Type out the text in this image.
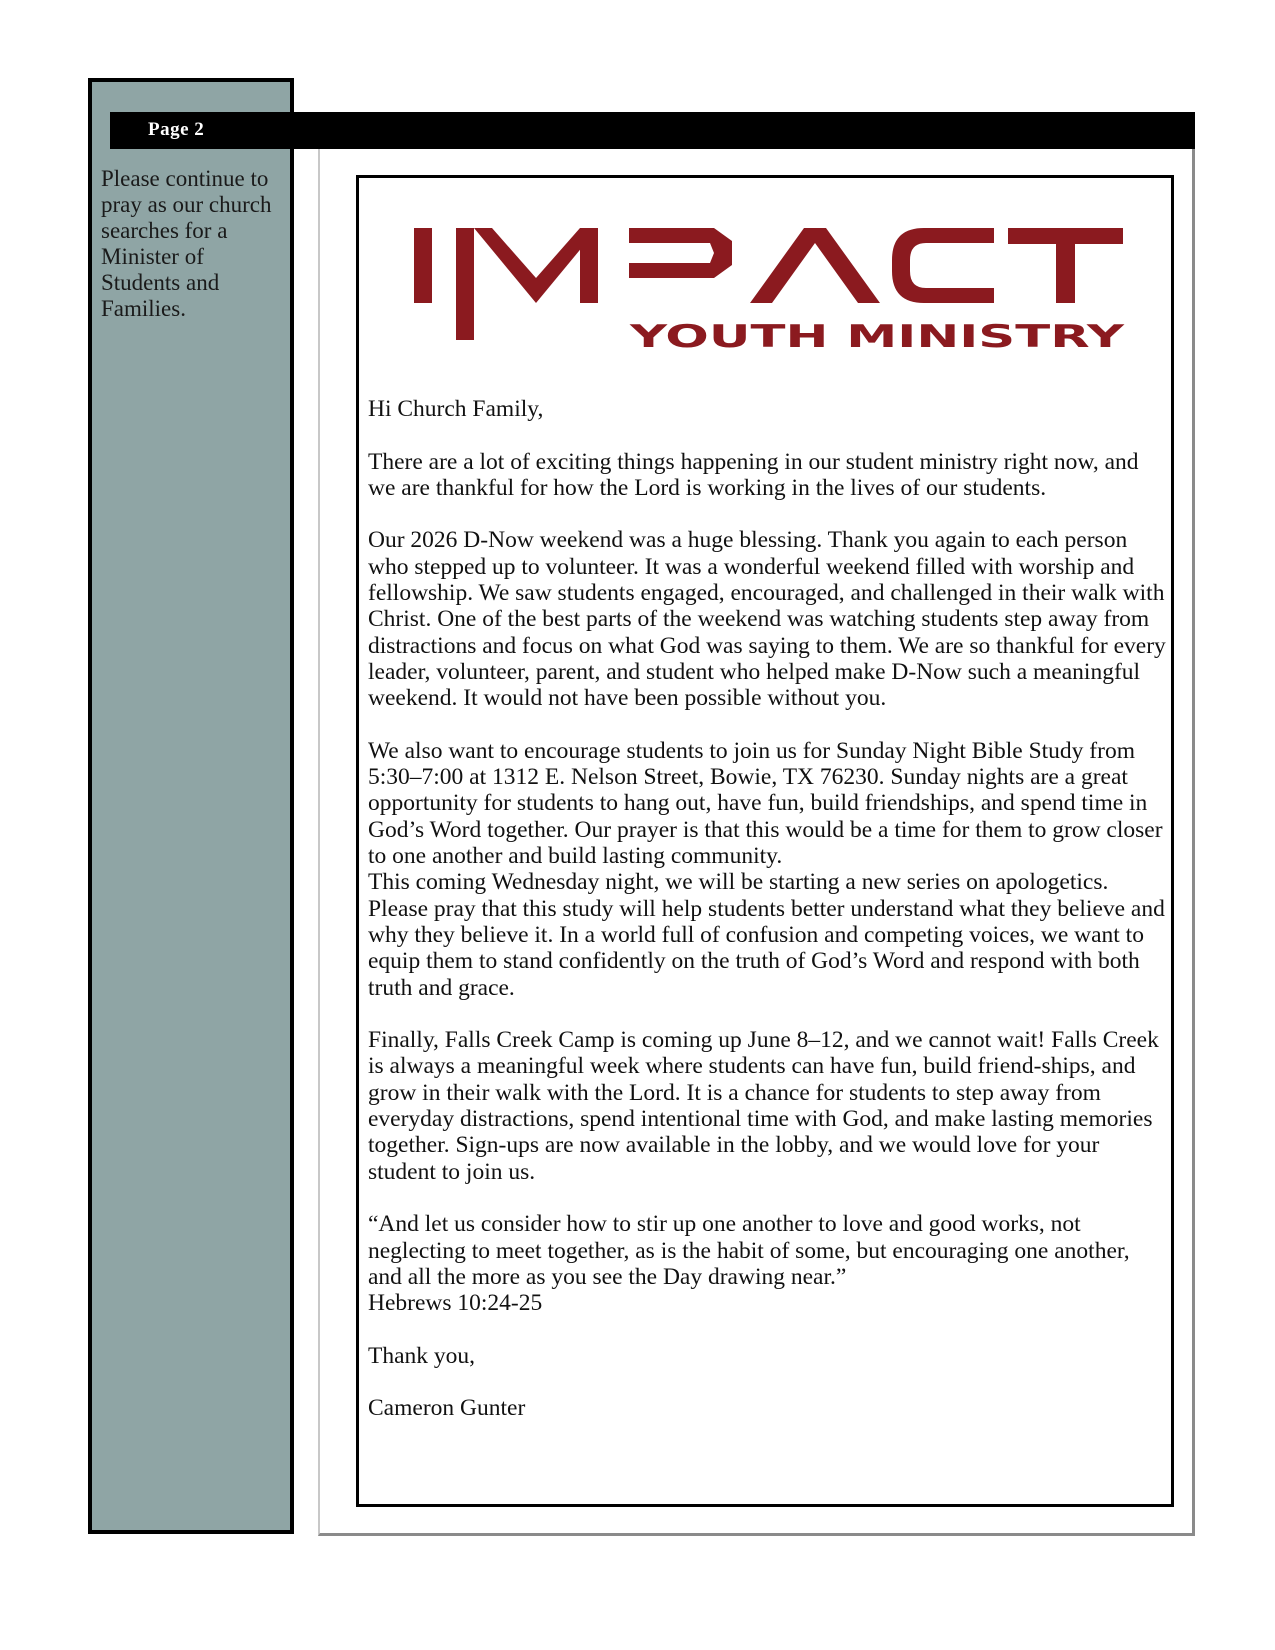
Please continue to
pray as our church
searches for a
Minister of
Students and
Families.

Page 2
YOUTH MINISTRY

Hi Church Family,

There are a lot of exciting things happening in our student ministry right now, and we are thankful for how the Lord is working in the lives of our students.

Our 2026 D-Now weekend was a huge blessing. Thank you again to each person who stepped up to volunteer. It was a wonderful weekend filled with worship and fellowship. We saw students engaged, encouraged, and challenged in their walk with Christ. One of the best parts of the weekend was watching students step away from distractions and focus on what God was saying to them. We are so thankful for every leader, volunteer, parent, and student who helped make D-Now such a meaningful weekend. It would not have been possible without you.

We also want to encourage students to join us for Sunday Night Bible Study from 5:30–7:00 at 1312 E. Nelson Street, Bowie, TX 76230. Sunday nights are a great opportunity for students to hang out, have fun, build friendships, and spend time in God’s Word together. Our prayer is that this would be a time for them to grow closer to one another and build lasting community.

This coming Wednesday night, we will be starting a new series on apologetics. Please pray that this study will help students better understand what they believe and why they believe it. In a world full of confusion and competing voices, we want to equip them to stand confidently on the truth of God’s Word and respond with both truth and grace.

Finally, Falls Creek Camp is coming up June 8–12, and we cannot wait! Falls Creek is always a meaningful week where students can have fun, build friend-ships, and grow in their walk with the Lord. It is a chance for students to step away from everyday distractions, spend intentional time with God, and make lasting memories together. Sign-ups are now available in the lobby, and we would love for your student to join us.

“And let us consider how to stir up one another to love and good works, not neglecting to meet together, as is the habit of some, but encouraging one another, and all the more as you see the Day drawing near.”

Hebrews 10:24-25

Thank you,

Cameron Gunter
